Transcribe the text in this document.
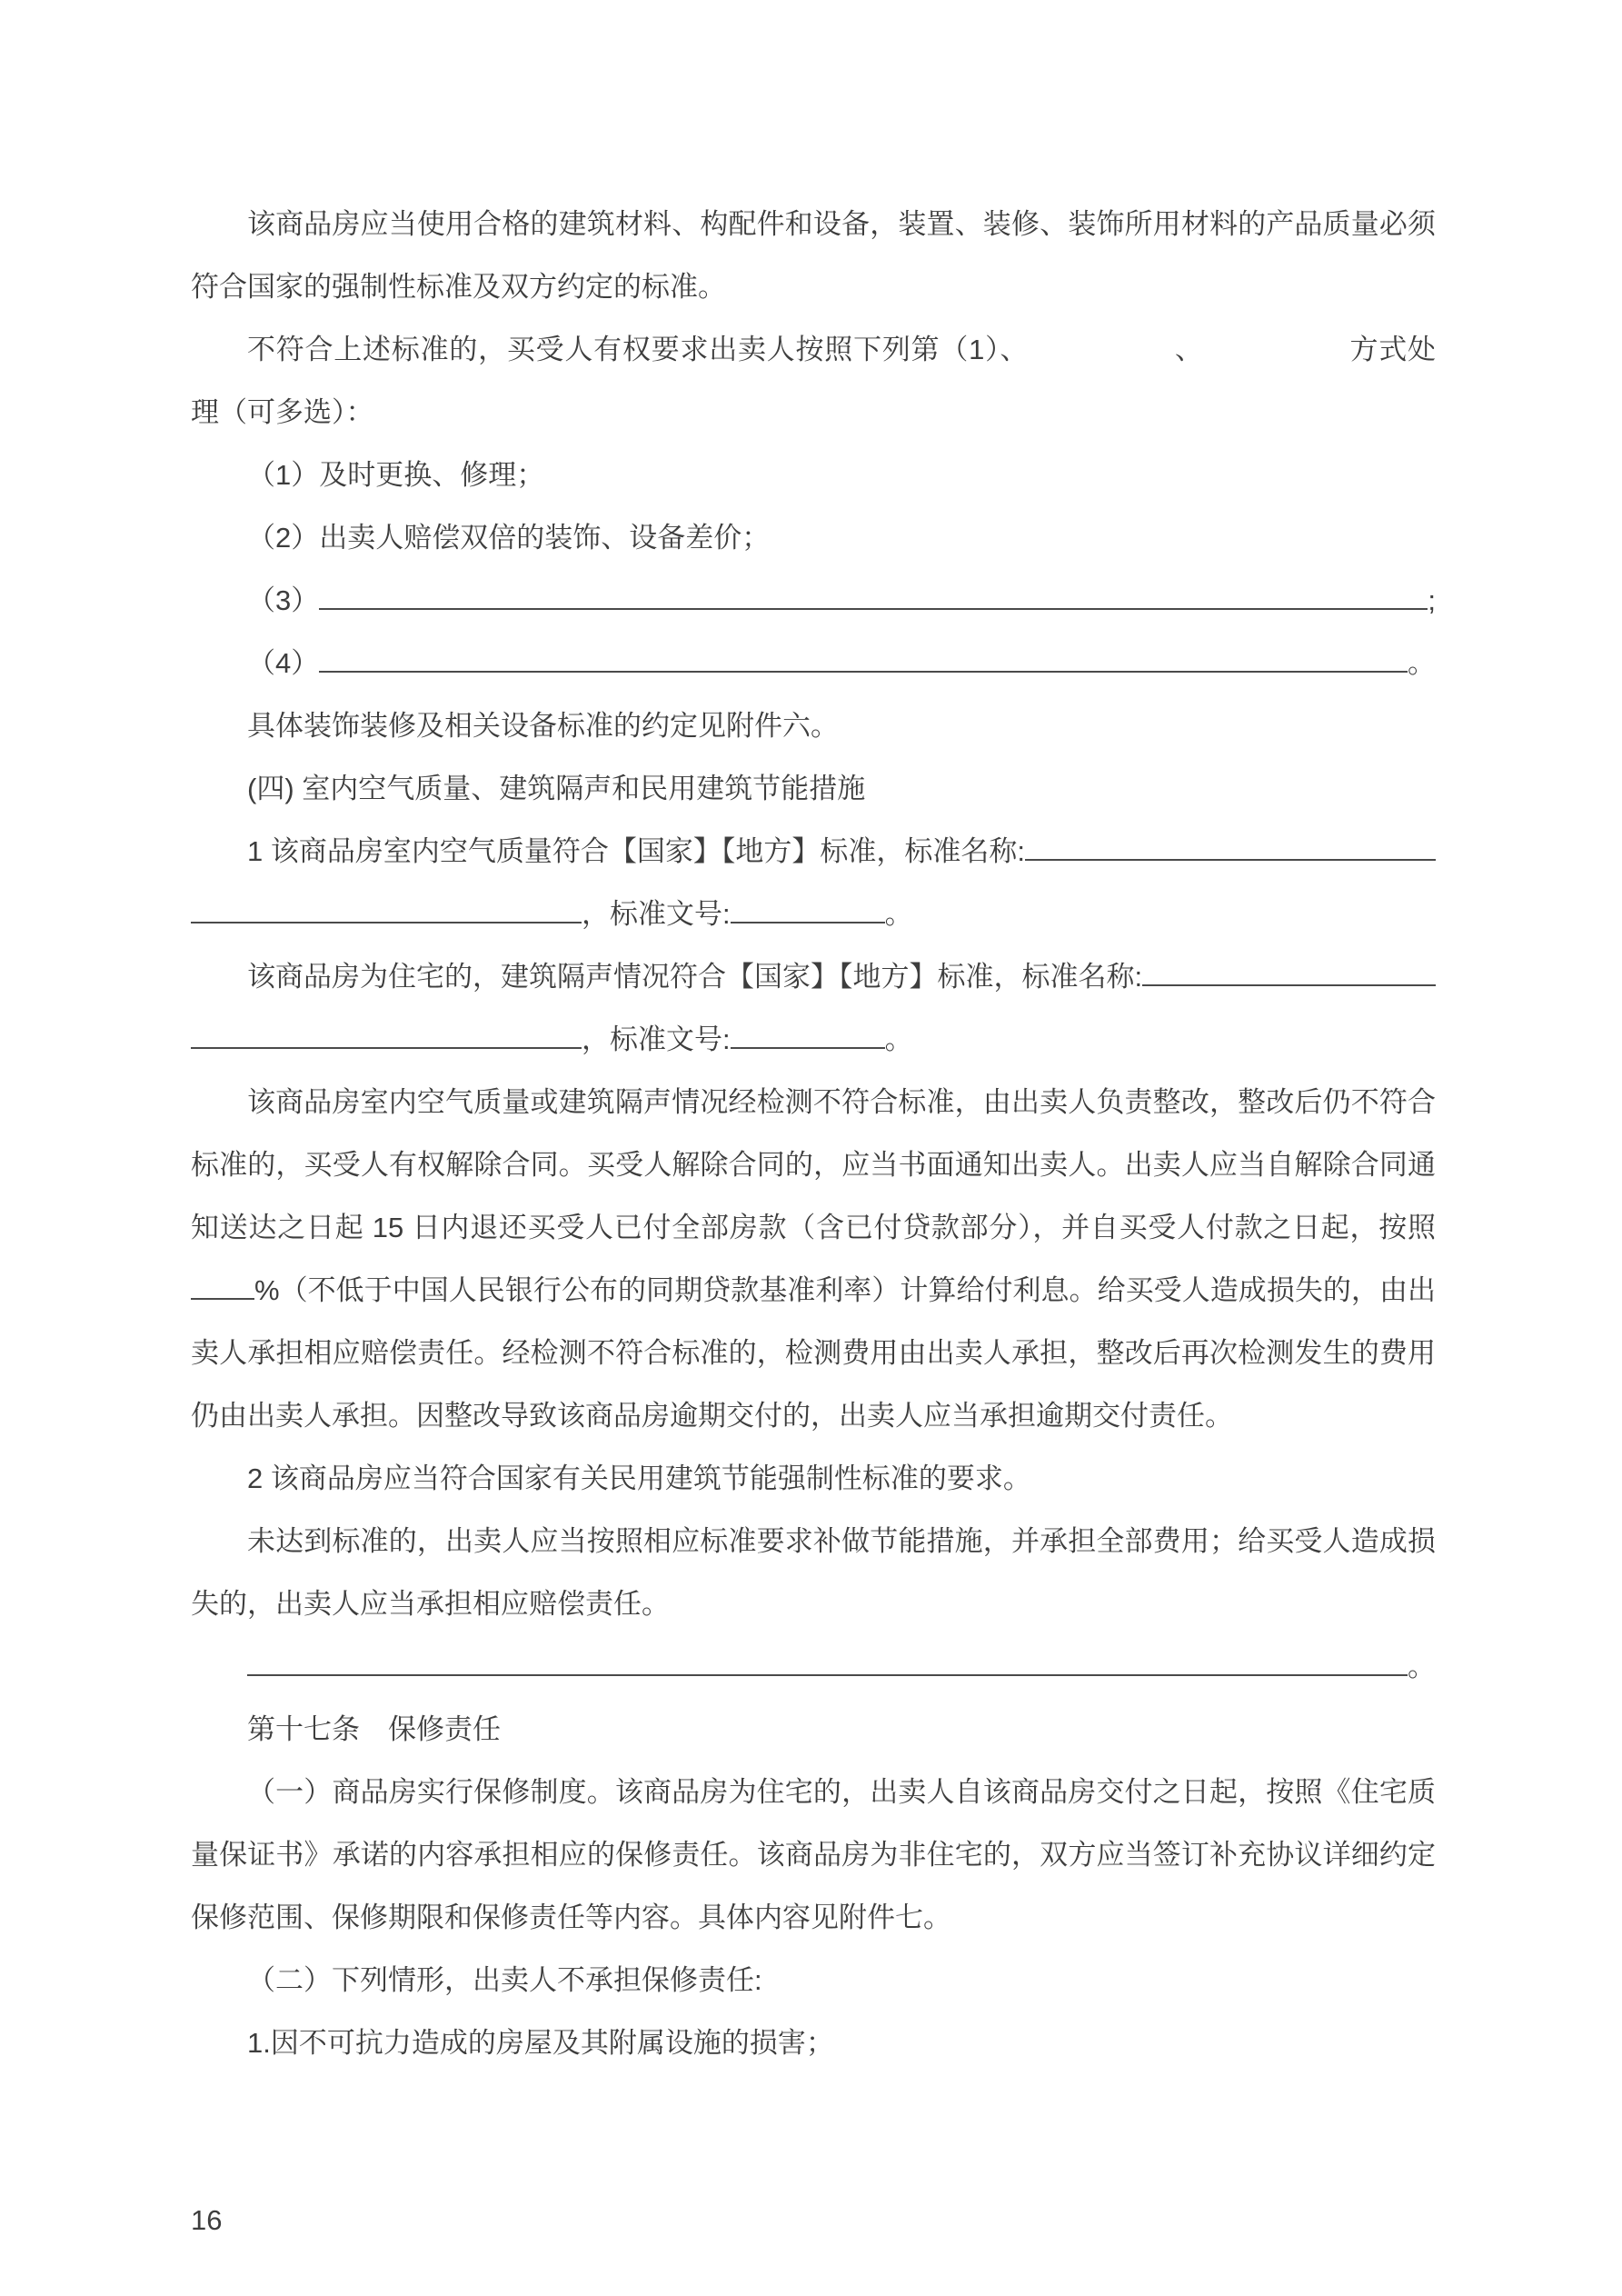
该商品房应当使用合格的建筑材料、构配件和设备，装置、装修、装饰所用材料的产品质量必须符合国家的强制性标准及双方约定的标准。

不符合上述标准的，买受人有权要求出卖人按照下列第（1）、	、	方式处理（可多选）：

（1）及时更换、修理；

（2）出卖人赔偿双倍的装饰、设备差价；

（3）	;
（4）	。

具体装饰装修及相关设备标准的约定见附件六。

(四) 室内空气质量、建筑隔声和民用建筑节能措施

1 该商品房室内空气质量符合【国家】【地方】标准，标准名称:
，标准文号:	。
该商品房为住宅的，建筑隔声情况符合【国家】【地方】标准，标准名称:
，标准文号:	。

该商品房室内空气质量或建筑隔声情况经检测不符合标准，由出卖人负责整改，整改后仍不符合标准的，买受人有权解除合同。买受人解除合同的，应当书面通知出卖人。出卖人应当自解除合同通知送达之日起 15 日内退还买受人已付全部房款（含已付贷款部分），并自买受人付款之日起，按照%（不低于中国人民银行公布的同期贷款基准利率）计算给付利息。给买受人造成损失的，由出卖人承担相应赔偿责任。经检测不符合标准的，检测费用由出卖人承担，整改后再次检测发生的费用仍由出卖人承担。因整改导致该商品房逾期交付的，出卖人应当承担逾期交付责任。

2 该商品房应当符合国家有关民用建筑节能强制性标准的要求。

未达到标准的，出卖人应当按照相应标准要求补做节能措施，并承担全部费用；给买受人造成损失的，出卖人应当承担相应赔偿责任。

。

第十七条　保修责任

（一）商品房实行保修制度。该商品房为住宅的，出卖人自该商品房交付之日起，按照《住宅质量保证书》承诺的内容承担相应的保修责任。该商品房为非住宅的，双方应当签订补充协议详细约定保修范围、保修期限和保修责任等内容。具体内容见附件七。

（二）下列情形，出卖人不承担保修责任:

1.因不可抗力造成的房屋及其附属设施的损害；

16
